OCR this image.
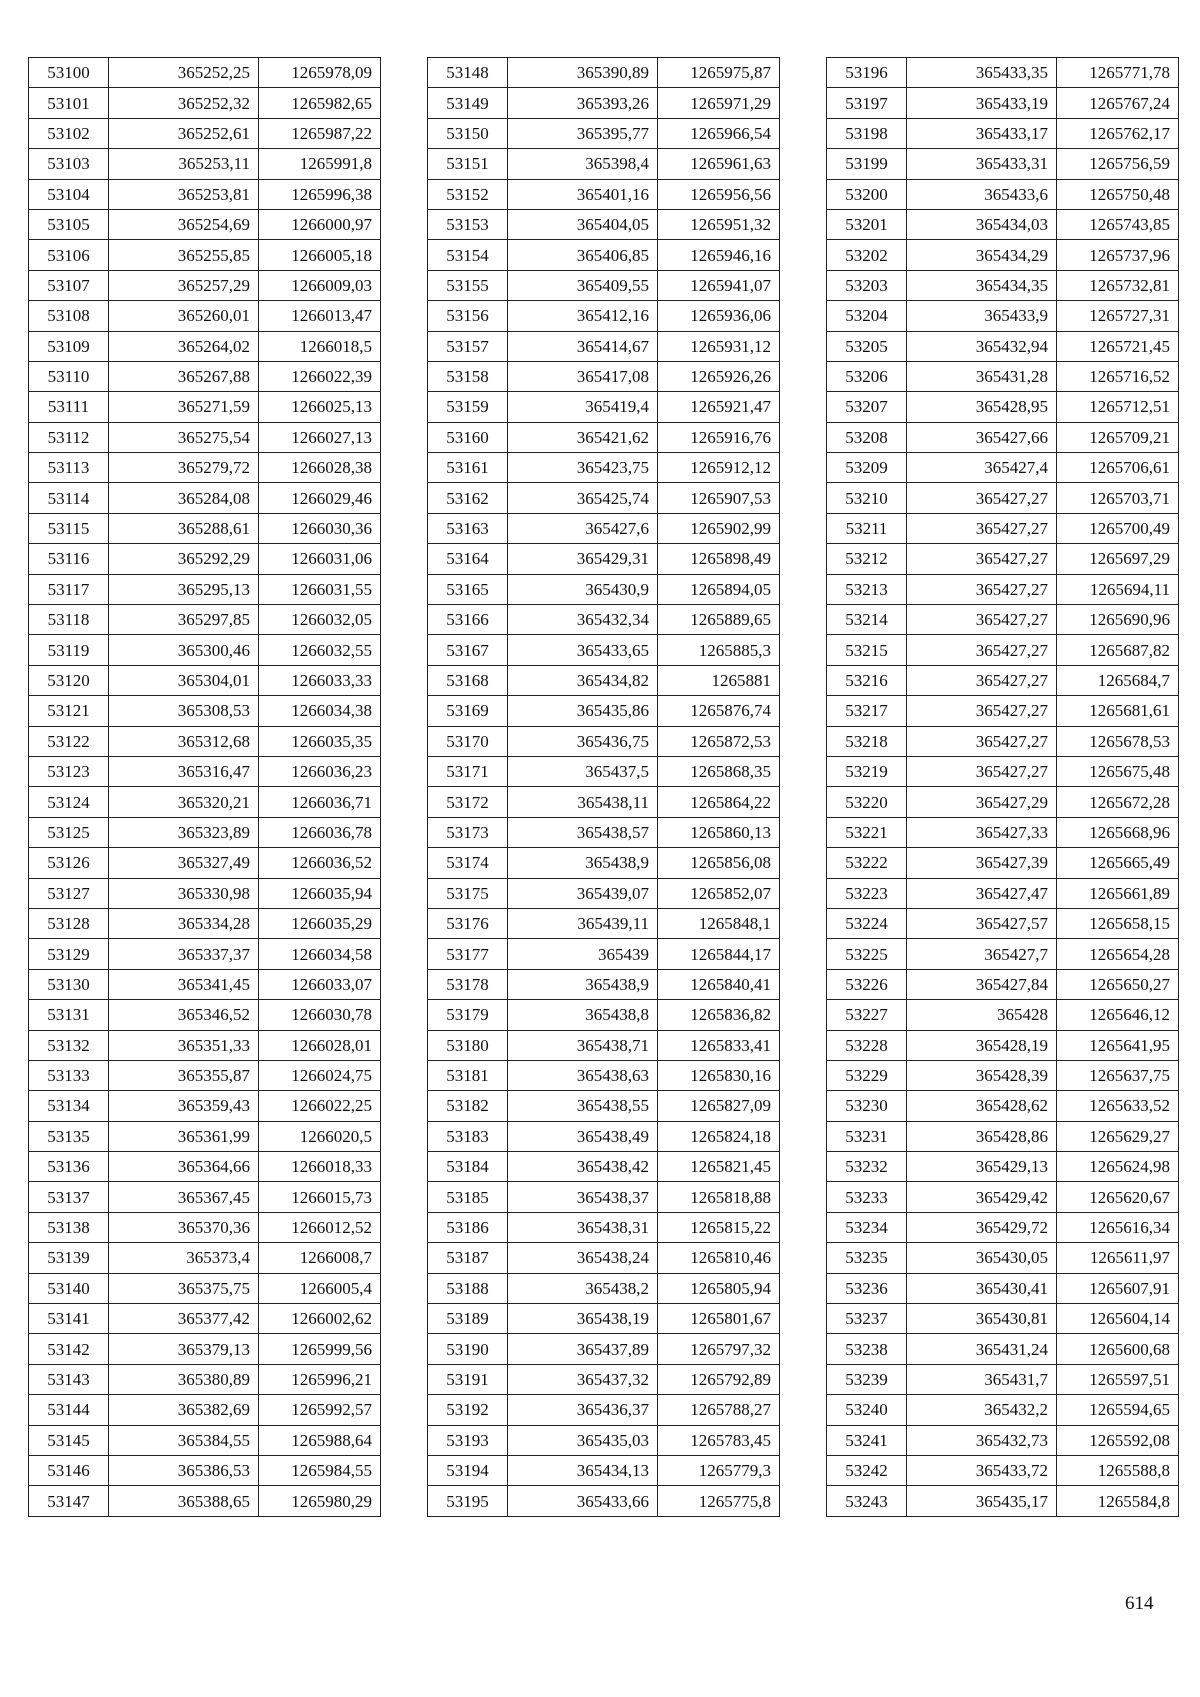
53100	365252,25	1265978,09
53101	365252,32	1265982,65
53102	365252,61	1265987,22
53103	365253,11	1265991,8
53104	365253,81	1265996,38
53105	365254,69	1266000,97
53106	365255,85	1266005,18
53107	365257,29	1266009,03
53108	365260,01	1266013,47
53109	365264,02	1266018,5
53110	365267,88	1266022,39
53111	365271,59	1266025,13
53112	365275,54	1266027,13
53113	365279,72	1266028,38
53114	365284,08	1266029,46
53115	365288,61	1266030,36
53116	365292,29	1266031,06
53117	365295,13	1266031,55
53118	365297,85	1266032,05
53119	365300,46	1266032,55
53120	365304,01	1266033,33
53121	365308,53	1266034,38
53122	365312,68	1266035,35
53123	365316,47	1266036,23
53124	365320,21	1266036,71
53125	365323,89	1266036,78
53126	365327,49	1266036,52
53127	365330,98	1266035,94
53128	365334,28	1266035,29
53129	365337,37	1266034,58
53130	365341,45	1266033,07
53131	365346,52	1266030,78
53132	365351,33	1266028,01
53133	365355,87	1266024,75
53134	365359,43	1266022,25
53135	365361,99	1266020,5
53136	365364,66	1266018,33
53137	365367,45	1266015,73
53138	365370,36	1266012,52
53139	365373,4	1266008,7
53140	365375,75	1266005,4
53141	365377,42	1266002,62
53142	365379,13	1265999,56
53143	365380,89	1265996,21
53144	365382,69	1265992,57
53145	365384,55	1265988,64
53146	365386,53	1265984,55
53147	365388,65	1265980,29
53148	365390,89	1265975,87
53149	365393,26	1265971,29
53150	365395,77	1265966,54
53151	365398,4	1265961,63
53152	365401,16	1265956,56
53153	365404,05	1265951,32
53154	365406,85	1265946,16
53155	365409,55	1265941,07
53156	365412,16	1265936,06
53157	365414,67	1265931,12
53158	365417,08	1265926,26
53159	365419,4	1265921,47
53160	365421,62	1265916,76
53161	365423,75	1265912,12
53162	365425,74	1265907,53
53163	365427,6	1265902,99
53164	365429,31	1265898,49
53165	365430,9	1265894,05
53166	365432,34	1265889,65
53167	365433,65	1265885,3
53168	365434,82	1265881
53169	365435,86	1265876,74
53170	365436,75	1265872,53
53171	365437,5	1265868,35
53172	365438,11	1265864,22
53173	365438,57	1265860,13
53174	365438,9	1265856,08
53175	365439,07	1265852,07
53176	365439,11	1265848,1
53177	365439	1265844,17
53178	365438,9	1265840,41
53179	365438,8	1265836,82
53180	365438,71	1265833,41
53181	365438,63	1265830,16
53182	365438,55	1265827,09
53183	365438,49	1265824,18
53184	365438,42	1265821,45
53185	365438,37	1265818,88
53186	365438,31	1265815,22
53187	365438,24	1265810,46
53188	365438,2	1265805,94
53189	365438,19	1265801,67
53190	365437,89	1265797,32
53191	365437,32	1265792,89
53192	365436,37	1265788,27
53193	365435,03	1265783,45
53194	365434,13	1265779,3
53195	365433,66	1265775,8
53196	365433,35	1265771,78
53197	365433,19	1265767,24
53198	365433,17	1265762,17
53199	365433,31	1265756,59
53200	365433,6	1265750,48
53201	365434,03	1265743,85
53202	365434,29	1265737,96
53203	365434,35	1265732,81
53204	365433,9	1265727,31
53205	365432,94	1265721,45
53206	365431,28	1265716,52
53207	365428,95	1265712,51
53208	365427,66	1265709,21
53209	365427,4	1265706,61
53210	365427,27	1265703,71
53211	365427,27	1265700,49
53212	365427,27	1265697,29
53213	365427,27	1265694,11
53214	365427,27	1265690,96
53215	365427,27	1265687,82
53216	365427,27	1265684,7
53217	365427,27	1265681,61
53218	365427,27	1265678,53
53219	365427,27	1265675,48
53220	365427,29	1265672,28
53221	365427,33	1265668,96
53222	365427,39	1265665,49
53223	365427,47	1265661,89
53224	365427,57	1265658,15
53225	365427,7	1265654,28
53226	365427,84	1265650,27
53227	365428	1265646,12
53228	365428,19	1265641,95
53229	365428,39	1265637,75
53230	365428,62	1265633,52
53231	365428,86	1265629,27
53232	365429,13	1265624,98
53233	365429,42	1265620,67
53234	365429,72	1265616,34
53235	365430,05	1265611,97
53236	365430,41	1265607,91
53237	365430,81	1265604,14
53238	365431,24	1265600,68
53239	365431,7	1265597,51
53240	365432,2	1265594,65
53241	365432,73	1265592,08
53242	365433,72	1265588,8
53243	365435,17	1265584,8
614
